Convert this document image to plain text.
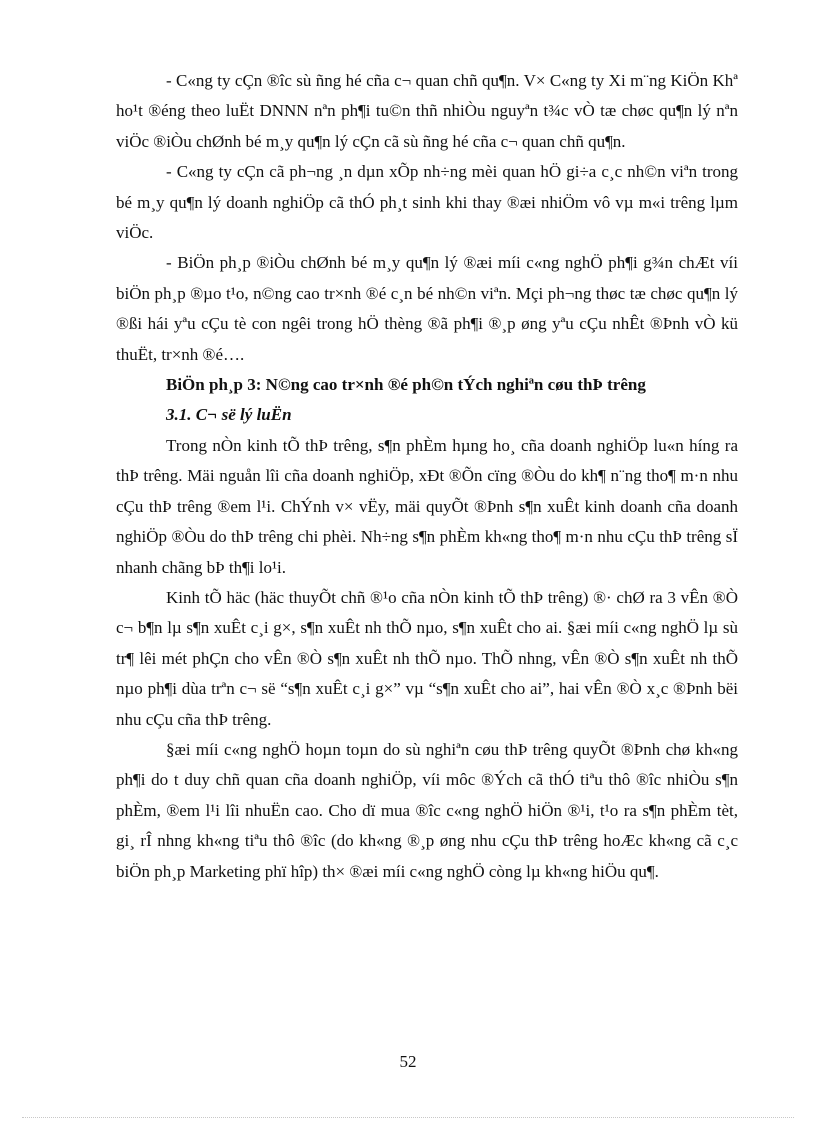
- C«ng ty cÇn ®îc sù ñng hé cña c¬ quan chñ qu¶n. V× C«ng ty Xi m¨ng KiÖn Khª ho¹t ®éng theo luËt DNNN nªn ph¶i tu©n thñ nhiÒu nguyªn t¾c vÒ tæ chøc qu¶n lý nªn viÖc ®iÒu chØnh bé m¸y qu¶n lý cÇn cã sù ñng hé cña c¬ quan chñ qu¶n.

- C«ng ty cÇn cã ph¬ng ¸n dµn xÕp nh÷ng mèi quan hÖ gi÷a c¸c nh©n viªn trong bé m¸y qu¶n lý doanh nghiÖp cã thÓ ph¸t sinh khi thay ®æi nhiÖm vô vµ m«i trêng lµm viÖc.

- BiÖn ph¸p ®iÒu chØnh bé m¸y qu¶n lý ®æi míi c«ng nghÖ ph¶i g¾n chÆt víi biÖn ph¸p ®µo t¹o, n©ng cao tr×nh ®é c¸n bé nh©n viªn. Mçi ph¬ng thøc tæ chøc qu¶n lý ®ßi hái yªu cÇu tè con ngêi trong hÖ thèng ®ã ph¶i ®¸p øng yªu cÇu nhÊt ®Þnh vÒ kü thuËt, tr×nh ®é….

BiÖn ph¸p 3: N©ng cao tr×nh ®é ph©n tÝch nghiªn cøu thÞ trêng

3.1. C¬ së lý luËn

Trong nÒn kinh tÕ thÞ trêng, s¶n phÈm hµng ho¸ cña doanh nghiÖp lu«n híng ra thÞ trêng. Mäi nguån lîi cña doanh nghiÖp, xÐt ®Õn cïng ®Òu do kh¶ n¨ng tho¶ m·n nhu cÇu thÞ trêng ®em l¹i. ChÝnh v× vËy, mäi quyÕt ®Þnh s¶n xuÊt kinh doanh cña doanh nghiÖp ®Òu do thÞ trêng chi phèi. Nh÷ng s¶n phÈm kh«ng tho¶ m·n nhu cÇu thÞ trêng sÏ nhanh chãng bÞ th¶i lo¹i.

Kinh tÕ häc (häc thuyÕt chñ ®¹o cña nÒn kinh tÕ thÞ trêng) ®· chØ ra 3 vÊn ®Ò c¬ b¶n lµ s¶n xuÊt c¸i g×, s¶n xuÊt nh thÕ nµo, s¶n xuÊt cho ai. §æi míi c«ng nghÖ lµ sù tr¶ lêi mét phÇn cho vÊn ®Ò s¶n xuÊt nh thÕ nµo. ThÕ nhng, vÊn ®Ò s¶n xuÊt nh thÕ nµo ph¶i dùa trªn c¬ së “s¶n xuÊt c¸i g×” vµ “s¶n xuÊt cho ai”, hai vÊn ®Ò x¸c ®Þnh bëi nhu cÇu cña thÞ trêng.

§æi míi c«ng nghÖ hoµn toµn do sù nghiªn cøu thÞ trêng quyÕt ®Þnh chø kh«ng ph¶i do t duy chñ quan cña doanh nghiÖp, víi môc ®Ých cã thÓ tiªu thô ®îc nhiÒu s¶n phÈm, ®em l¹i lîi nhuËn cao. Cho dï mua ®îc c«ng nghÖ hiÖn ®¹i, t¹o ra s¶n phÈm tèt, gi¸ rÎ nhng kh«ng tiªu thô ®îc (do kh«ng ®¸p øng nhu cÇu thÞ trêng hoÆc kh«ng cã c¸c biÖn ph¸p Marketing phï hîp) th× ®æi míi c«ng nghÖ còng lµ kh«ng hiÖu qu¶.

52
